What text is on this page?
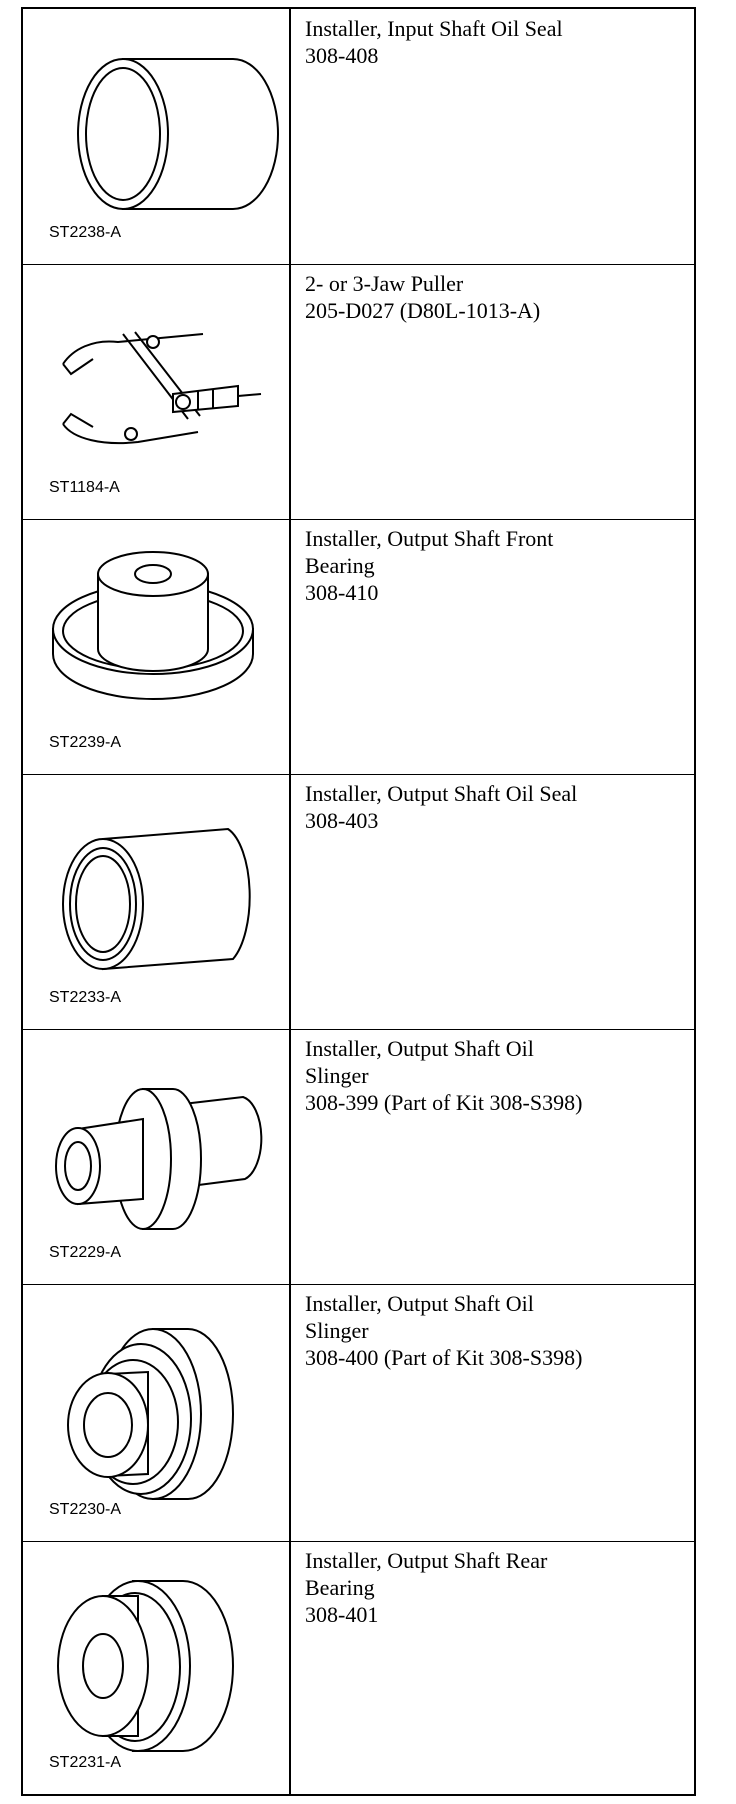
ST2238-A
Installer, Input Shaft Oil Seal
308-408
ST1184-A
2- or 3-Jaw Puller
205-D027 (D80L-1013-A)
ST2239-A
Installer, Output Shaft Front
Bearing
308-410
ST2233-A
Installer, Output Shaft Oil Seal
308-403
ST2229-A
Installer, Output Shaft Oil
Slinger
308-399 (Part of Kit 308-S398)
ST2230-A
Installer, Output Shaft Oil
Slinger
308-400 (Part of Kit 308-S398)
ST2231-A
Installer, Output Shaft Rear
Bearing
308-401
